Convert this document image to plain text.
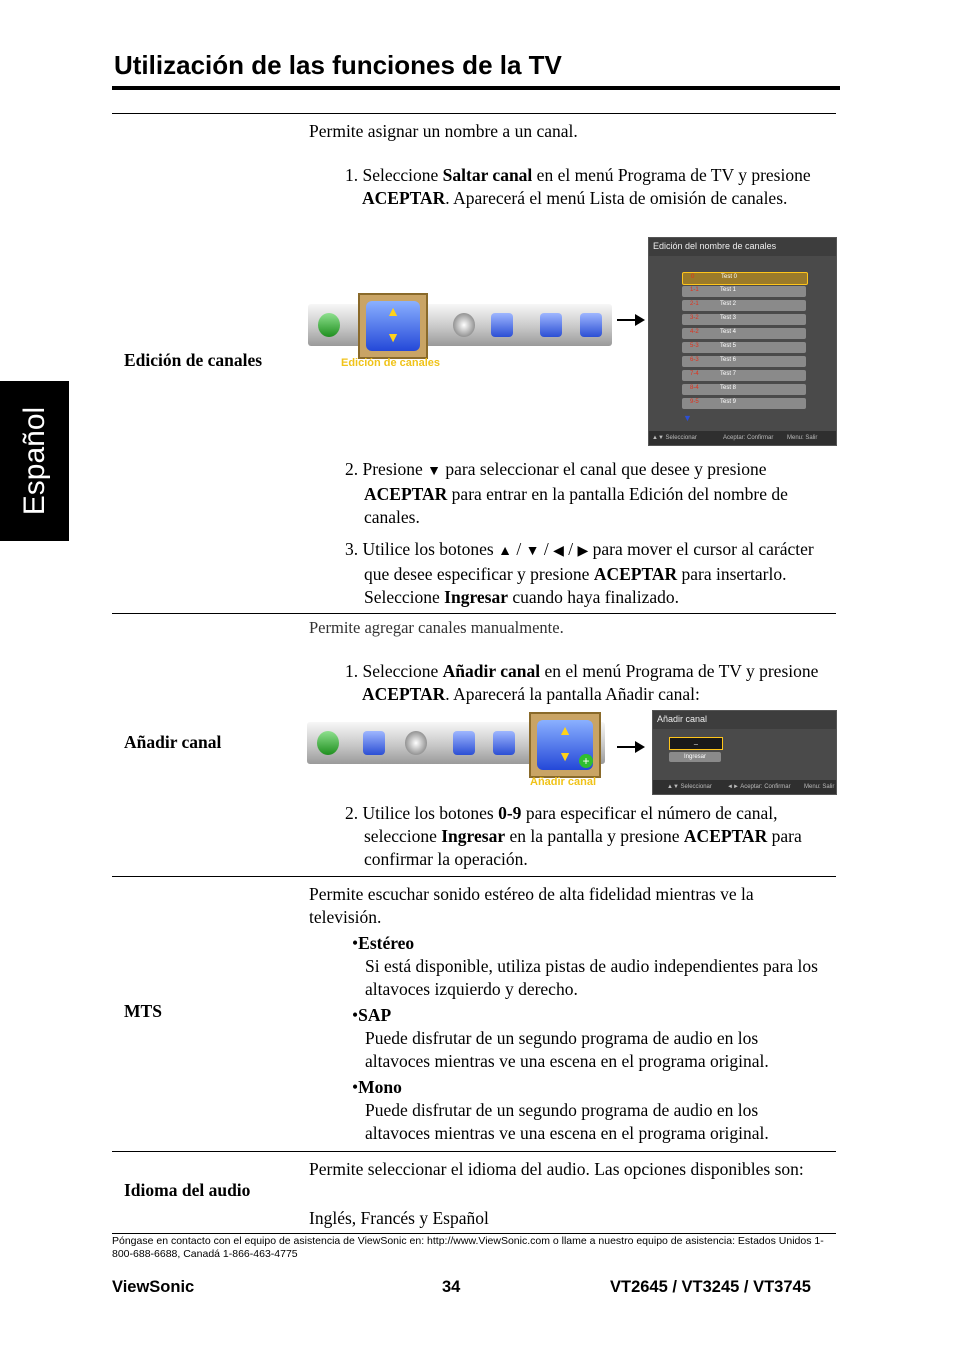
Utilización de las funciones de la TV
Español
Edición de canales
Permite asignar un nombre a un canal.
1. Seleccione Saltar canal en el menú Programa de TV y presione ACEPTAR. Aparecerá el menú Lista de omisión de canales.
▲
▼
Edición de canales
Edición del nombre de canales
0	Test 0
1-1	Test 1
2-1	Test 2
3-2	Test 3
4-2	Test 4
5-3	Test 5
6-3	Test 6
7-4	Test 7
8-4	Test 8
9-5	Test 9
▼
▲▼ Seleccionar	Aceptar: Confirmar Menu: Salir
2. Presione ▼ para seleccionar el canal que desee y presione ACEPTAR para entrar en la pantalla Edición del nombre de canales.
3. Utilice los botones ▲ / ▼ / ◀ / ▶ para mover el cursor al carácter que desee especificar y presione ACEPTAR para insertarlo. Seleccione Ingresar cuando haya finalizado.
Añadir canal
Permite agregar canales manualmente.
1. Seleccione Añadir canal en el menú Programa de TV y presione ACEPTAR. Aparecerá la pantalla Añadir canal:
▲
▼ +
Añadir canal
Añadir canal
_
Ingresar
▲▼ Seleccionar	◄► Aceptar: Confirmar Menu: Salir
2. Utilice los botones 0-9 para especificar el número de canal, seleccione Ingresar en la pantalla y presione ACEPTAR para confirmar la operación.
MTS
Permite escuchar sonido estéreo de alta fidelidad mientras ve la televisión.
•Estéreo
Si está disponible, utiliza pistas de audio independientes para los altavoces izquierdo y derecho.
•SAP
Puede disfrutar de un segundo programa de audio en los altavoces mientras ve una escena en el programa original.
•Mono
Puede disfrutar de un segundo programa de audio en los altavoces mientras ve una escena en el programa original.
Idioma del audio
Permite seleccionar el idioma del audio. Las opciones disponibles son:
Inglés, Francés y Español
Póngase en contacto con el equipo de asistencia de ViewSonic en: http://www.ViewSonic.com o llame a nuestro equipo de asistencia: Estados Unidos 1-800-688-6688, Canadá 1-866-463-4775
ViewSonic	34	VT2645 / VT3245 / VT3745
